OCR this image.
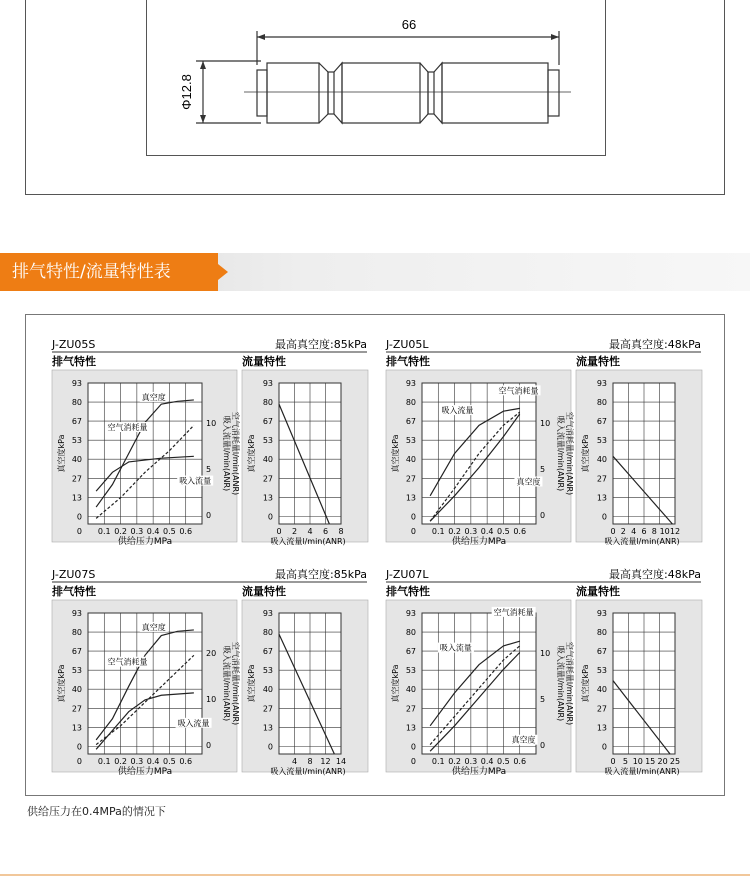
66
Φ12.8
排气特性/流量特性表
J-ZU05S	最高真空度:85kPa
排气特性	流量特性
93
80
67
53
40
27
13
0
0.1 0.2 0.3 0.4 0.5 0.6
0
10
5
0
供给压力MPa
真空度kPa	吸入流量l/min(ANR) 空气消耗量l/min(ANR)
真空度
空气消耗量
吸入流量
93
80
67
53
40
27
13
0
0 2 4 6 8
吸入流量l/min(ANR)
真空度kPa
J-ZU05L	最高真空度:48kPa
排气特性	流量特性
93
80
67
53
40
27
13
0
0.1 0.2 0.3 0.4 0.5 0.6
0
10
5
0
供给压力MPa
真空度kPa	吸入流量l/min(ANR) 空气消耗量l/min(ANR)
空气消耗量
吸入流量
真空度
93
80
67
53
40
27
13
0
0 2 4 6 8 10 12
吸入流量l/min(ANR)
真空度kPa
J-ZU07S	最高真空度:85kPa
排气特性	流量特性
93
80
67
53
40
27
13
0
0.1 0.2 0.3 0.4 0.5 0.6
0
20
10
0
供给压力MPa
真空度kPa	吸入流量l/min(ANR) 空气消耗量l/min(ANR)
真空度
空气消耗量
吸入流量
93
80
67
53
40
27
13
0
4 8 12 14
吸入流量l/min(ANR)
真空度kPa
J-ZU07L	最高真空度:48kPa
排气特性	流量特性
93
80
67
53
40
27
13
0
0.1 0.2 0.3 0.4 0.5 0.6
0
10
5
0
供给压力MPa
真空度kPa	吸入流量l/min(ANR) 空气消耗量l/min(ANR)
空气消耗量
吸入流量
真空度
93
80
67
53
40
27
13
0
0 5 10 15 20 25
吸入流量l/min(ANR)
真空度kPa
供给压力在0.4MPa的情况下
